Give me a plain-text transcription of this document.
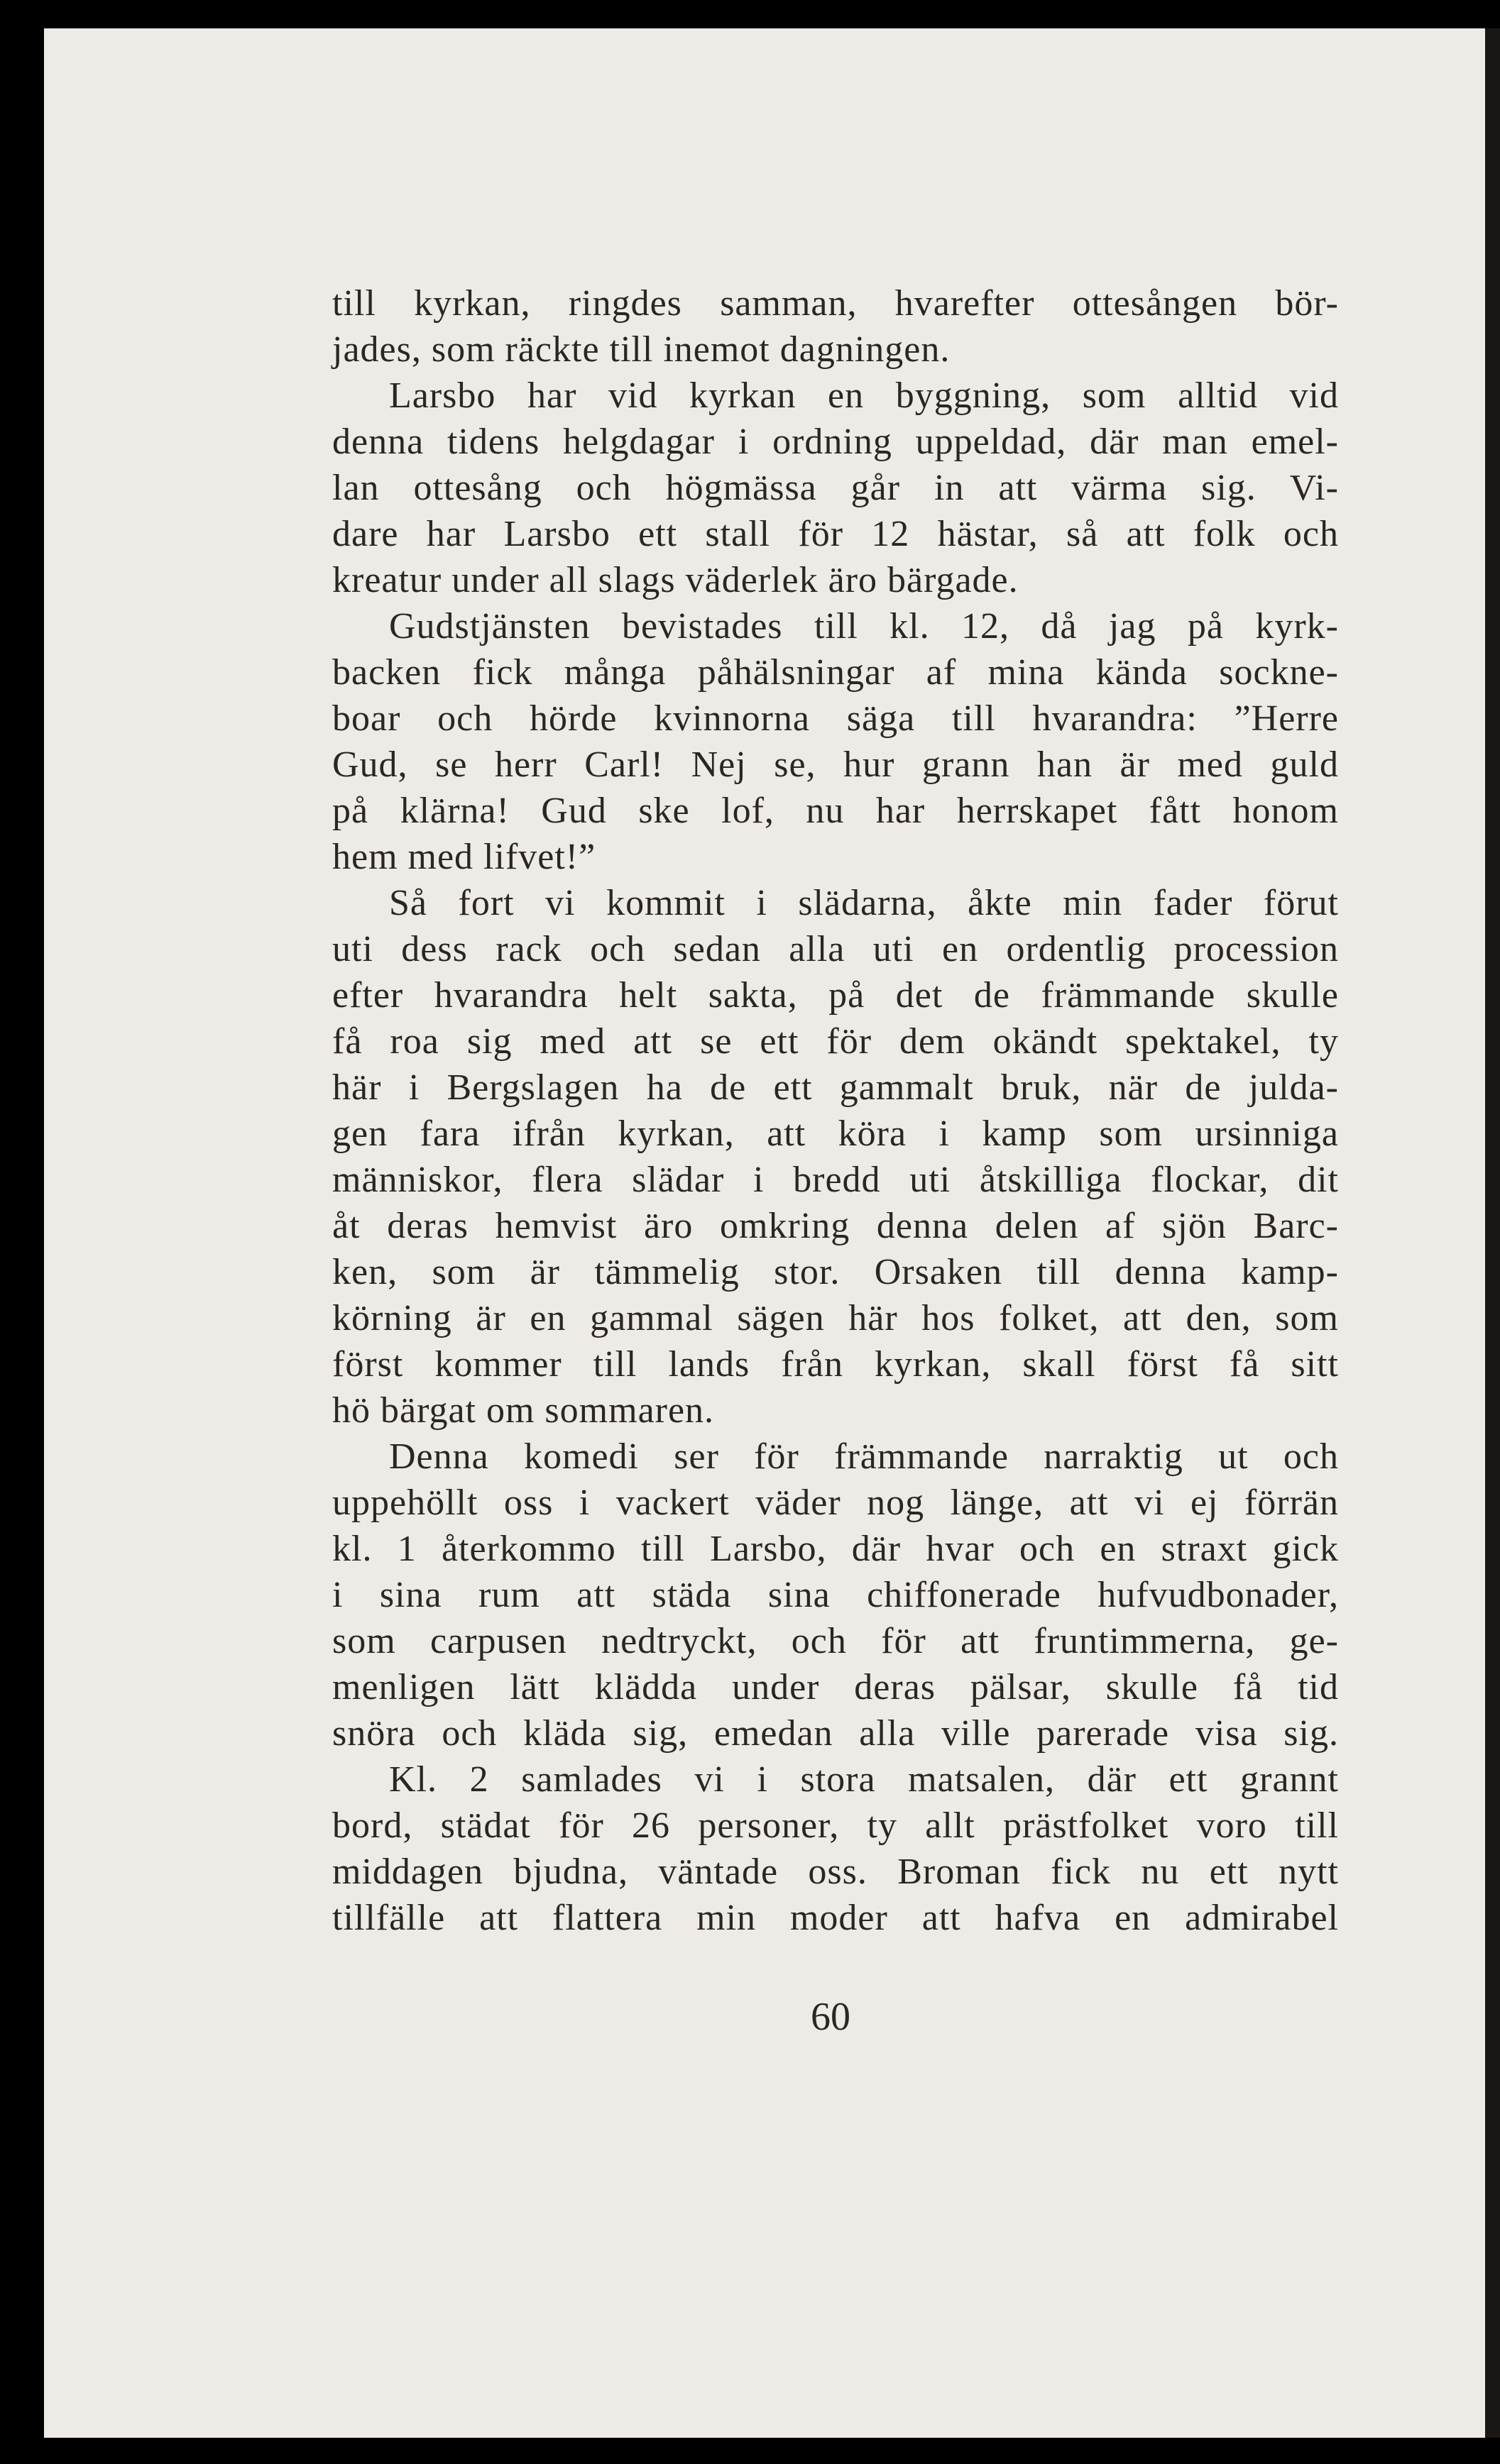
till kyrkan, ringdes samman, hvarefter ottesången bör-
jades, som räckte till inemot dagningen.
Larsbo har vid kyrkan en byggning, som alltid vid
denna tidens helgdagar i ordning uppeldad, där man emel-
lan ottesång och högmässa går in att värma sig. Vi-
dare har Larsbo ett stall för 12 hästar, så att folk och
kreatur under all slags väderlek äro bärgade.
Gudstjänsten bevistades till kl. 12, då jag på kyrk-
backen fick många påhälsningar af mina kända sockne-
boar och hörde kvinnorna säga till hvarandra: ”Herre
Gud, se herr Carl! Nej se, hur grann han är med guld
på klärna! Gud ske lof, nu har herrskapet fått honom
hem med lifvet!”
Så fort vi kommit i slädarna, åkte min fader förut
uti dess rack och sedan alla uti en ordentlig procession
efter hvarandra helt sakta, på det de främmande skulle
få roa sig med att se ett för dem okändt spektakel, ty
här i Bergslagen ha de ett gammalt bruk, när de julda-
gen fara ifrån kyrkan, att köra i kamp som ursinniga
människor, flera slädar i bredd uti åtskilliga flockar, dit
åt deras hemvist äro omkring denna delen af sjön Barc-
ken, som är tämmelig stor. Orsaken till denna kamp-
körning är en gammal sägen här hos folket, att den, som
först kommer till lands från kyrkan, skall först få sitt
hö bärgat om sommaren.
Denna komedi ser för främmande narraktig ut och
uppehöllt oss i vackert väder nog länge, att vi ej förrän
kl. 1 återkommo till Larsbo, där hvar och en straxt gick
i sina rum att städa sina chiffonerade hufvudbonader,
som carpusen nedtryckt, och för att fruntimmerna, ge-
menligen lätt klädda under deras pälsar, skulle få tid
snöra och kläda sig, emedan alla ville parerade visa sig.
Kl. 2 samlades vi i stora matsalen, där ett grannt
bord, städat för 26 personer, ty allt prästfolket voro till
middagen bjudna, väntade oss. Broman fick nu ett nytt
tillfälle att flattera min moder att hafva en admirabel
60
